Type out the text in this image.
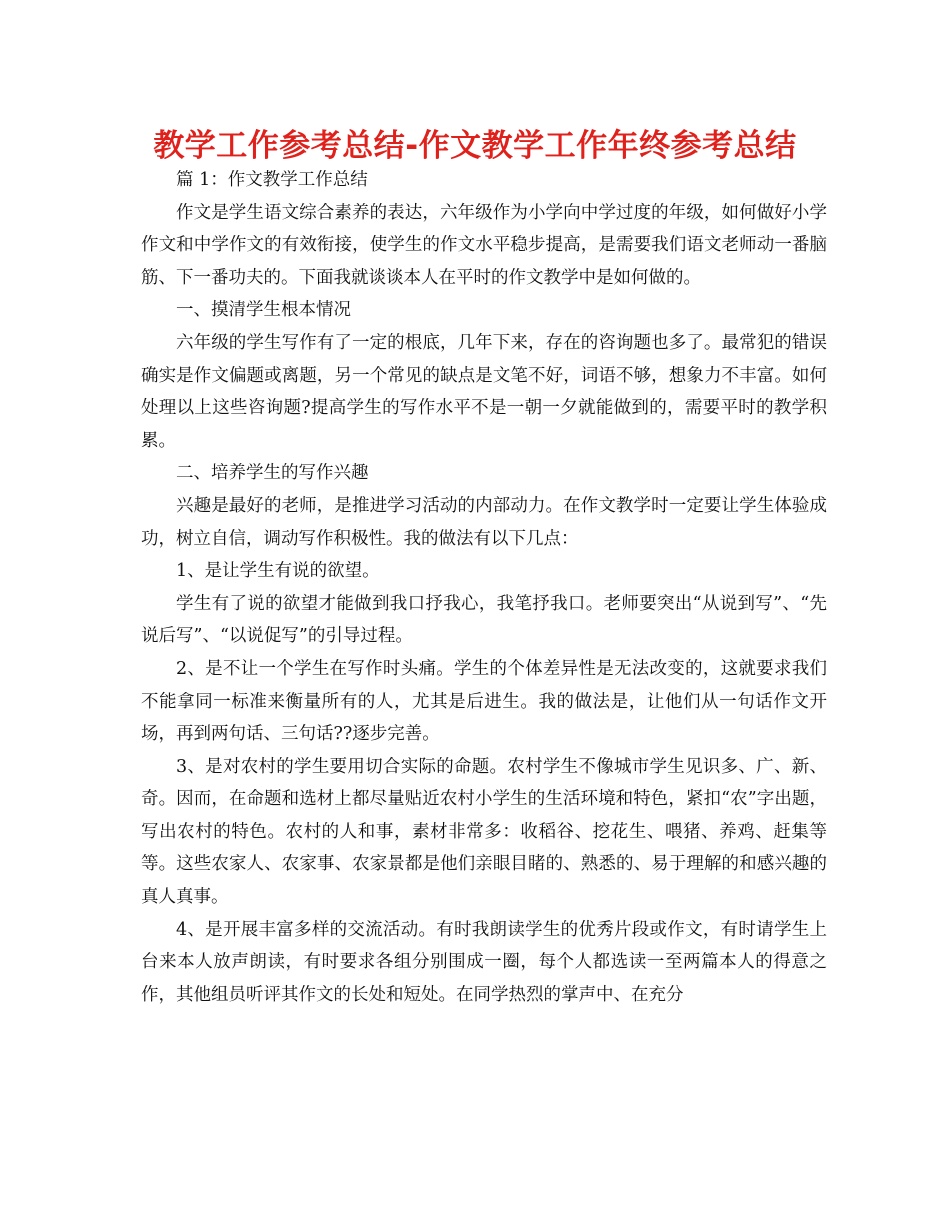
教学工作参考总结-作文教学工作年终参考总结

篇 1：作文教学工作总结

作文是学生语文综合素养的表达，六年级作为小学向中学过度的年级，如何做好小学作文和中学作文的有效衔接，使学生的作文水平稳步提高，是需要我们语文老师动一番脑筋、下一番功夫的。下面我就谈谈本人在平时的作文教学中是如何做的。

一、摸清学生根本情况

六年级的学生写作有了一定的根底，几年下来，存在的咨询题也多了。最常犯的错误确实是作文偏题或离题，另一个常见的缺点是文笔不好，词语不够，想象力不丰富。如何处理以上这些咨询题?提高学生的写作水平不是一朝一夕就能做到的，需要平时的教学积累。

二、培养学生的写作兴趣

兴趣是最好的老师，是推进学习活动的内部动力。在作文教学时一定要让学生体验成功，树立自信，调动写作积极性。我的做法有以下几点：

1、是让学生有说的欲望。

学生有了说的欲望才能做到我口抒我心，我笔抒我口。老师要突出“从说到写”、“先说后写”、“以说促写”的引导过程。

2、是不让一个学生在写作时头痛。学生的个体差异性是无法改变的，这就要求我们不能拿同一标准来衡量所有的人，尤其是后进生。我的做法是，让他们从一句话作文开场，再到两句话、三句话??逐步完善。

3、是对农村的学生要用切合实际的命题。农村学生不像城市学生见识多、广、新、奇。因而，在命题和选材上都尽量贴近农村小学生的生活环境和特色，紧扣“农”字出题，写出农村的特色。农村的人和事，素材非常多：收稻谷、挖花生、喂猪、养鸡、赶集等等。这些农家人、农家事、农家景都是他们亲眼目睹的、熟悉的、易于理解的和感兴趣的真人真事。

4、是开展丰富多样的交流活动。有时我朗读学生的优秀片段或作文，有时请学生上台来本人放声朗读，有时要求各组分别围成一圈，每个人都选读一至两篇本人的得意之作，其他组员听评其作文的长处和短处。在同学热烈的掌声中、在充分
